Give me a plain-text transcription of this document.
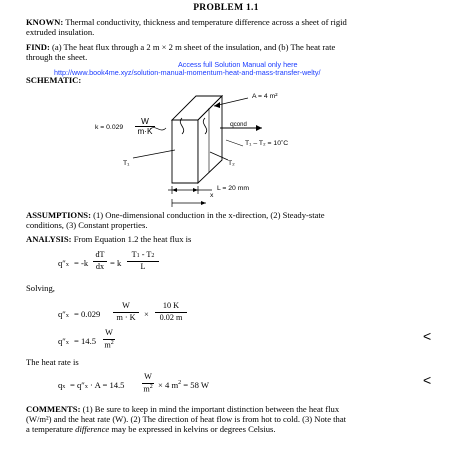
PROBLEM 1.1
KNOWN: Thermal conductivity, thickness and temperature difference across a sheet of rigid
extruded insulation.
FIND: (a) The heat flux through a 2 m × 2 m sheet of the insulation, and (b) The heat rate
through the sheet.
Access full Solution Manual only here
http://www.book4me.xyz/solution-manual-momentum-heat-and-mass-transfer-welty/
SCHEMATIC:
A = 4 m²
k = 0.029
W
m·K
qcond
T₁ – T₂ = 10˚C
T₁	T₂
L = 20 mm
x
ASSUMPTIONS: (1) One-dimensional conduction in the x-direction, (2) Steady-state
conditions, (3) Constant properties.
ANALYSIS: From Equation 1.2 the heat flux is
q″x = -k
dT
dx = k
T1 - T2
L
Solving,
q″x = 0.029
W
m · K ×
10 K
0.02 m
q″x = 14.5
W
$m^2$	<
The heat rate is
qx = q″x · A = 14.5
W
$m^2 \times 4$ $m^2 = 58$ W	<
COMMENTS: (1) Be sure to keep in mind the important distinction between the heat flux
(W/m²) and the heat rate (W). (2) The direction of heat flow is from hot to cold. (3) Note that
a temperature difference may be expressed in kelvins or degrees Celsius.
